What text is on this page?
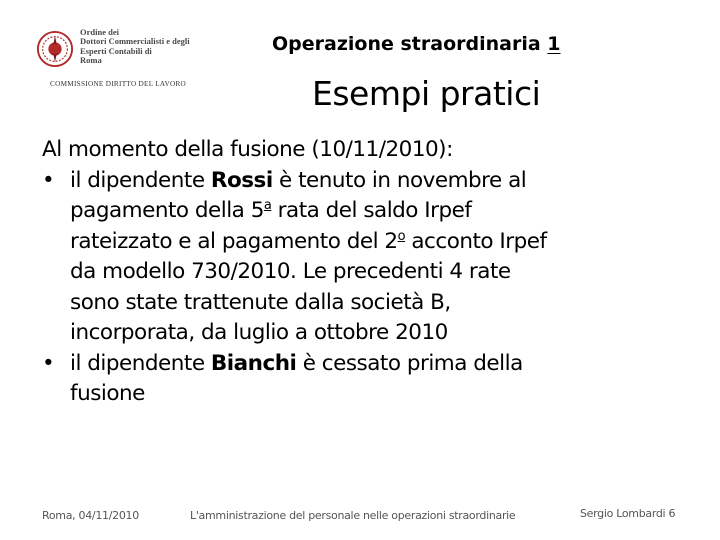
Ordine dei
Dottori Commercialisti e degli
Esperti Contabili di
Roma
COMMISSIONE DIRITTO DEL LAVORO
Operazione straordinaria 1
Esempi pratici
Al momento della fusione (10/11/2010):
• il dipendente Rossi è tenuto in novembre al
pagamento della 5$^a$ rata del saldo Irpef
rateizzato e al pagamento del 2$^o$ acconto Irpef
da modello 730/2010. Le precedenti 4 rate
sono state trattenute dalla società B,
incorporata, da luglio a ottobre 2010
• il dipendente Bianchi è cessato prima della
fusione
Roma, 04/11/2010	L'amministrazione del personale nelle operazioni straordinarie	Sergio Lombardi 6
